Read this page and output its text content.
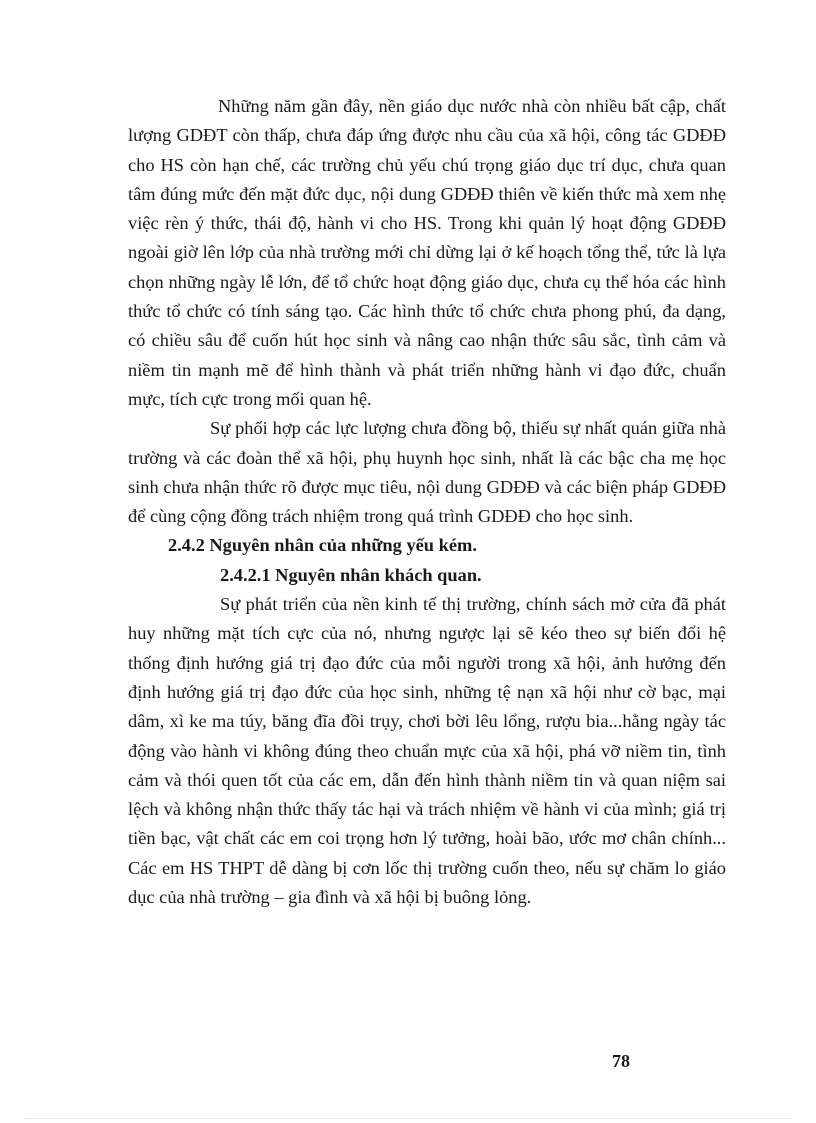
Những năm gần đây, nền giáo dục nước nhà còn nhiều bất cập, chất lượng GDĐT còn thấp, chưa đáp ứng được nhu cầu của xã hội, công tác GDĐĐ cho HS còn hạn chế, các trường chủ yếu chú trọng giáo dục trí dục, chưa quan tâm đúng mức đến mặt đức dục, nội dung GDĐĐ thiên về kiến thức mà xem nhẹ việc rèn ý thức, thái độ, hành vi cho HS. Trong khi quản lý hoạt động GDĐĐ ngoài giờ lên lớp của nhà trường mới chỉ dừng lại ở kế hoạch tổng thể, tức là lựa chọn những ngày lễ lớn, để tổ chức hoạt động giáo dục, chưa cụ thể hóa các hình thức tổ chức có tính sáng tạo. Các hình thức tổ chức chưa phong phú, đa dạng, có chiều sâu để cuốn hút học sinh và nâng cao nhận thức sâu sắc, tình cảm và niềm tin mạnh mẽ để hình thành và phát triển những hành vi đạo đức, chuẩn mực, tích cực trong mối quan hệ.

Sự phối hợp các lực lượng chưa đồng bộ, thiếu sự nhất quán giữa nhà trường và các đoàn thể xã hội, phụ huynh học sinh, nhất là các bậc cha mẹ học sinh chưa nhận thức rõ được mục tiêu, nội dung GDĐĐ và các biện pháp GDĐĐ để cùng cộng đồng trách nhiệm trong quá trình GDĐĐ cho học sinh.

2.4.2 Nguyên nhân của những yếu kém.

2.4.2.1 Nguyên nhân khách quan.

Sự phát triển của nền kinh tế thị trường, chính sách mở cửa đã phát huy những mặt tích cực của nó, nhưng ngược lại sẽ kéo theo sự biến đổi hệ thống định hướng giá trị đạo đức của mỗi người trong xã hội, ảnh hưởng đến định hướng giá trị đạo đức của học sinh, những tệ nạn xã hội như cờ bạc, mại dâm, xì ke ma túy, băng đĩa đồi trụy, chơi bời lêu lổng, rượu bia...hằng ngày tác động vào hành vi không đúng theo chuẩn mực của xã hội, phá vỡ niềm tin, tình cảm và thói quen tốt của các em, dẫn đến hình thành niềm tin và quan niệm sai lệch và không nhận thức thấy tác hại và trách nhiệm về hành vi của mình; giá trị tiền bạc, vật chất các em coi trọng hơn lý tưởng, hoài bão, ước mơ chân chính... Các em HS THPT dễ dàng bị cơn lốc thị trường cuốn theo, nếu sự chăm lo giáo dục của nhà trường – gia đình và xã hội bị buông lỏng.

78
